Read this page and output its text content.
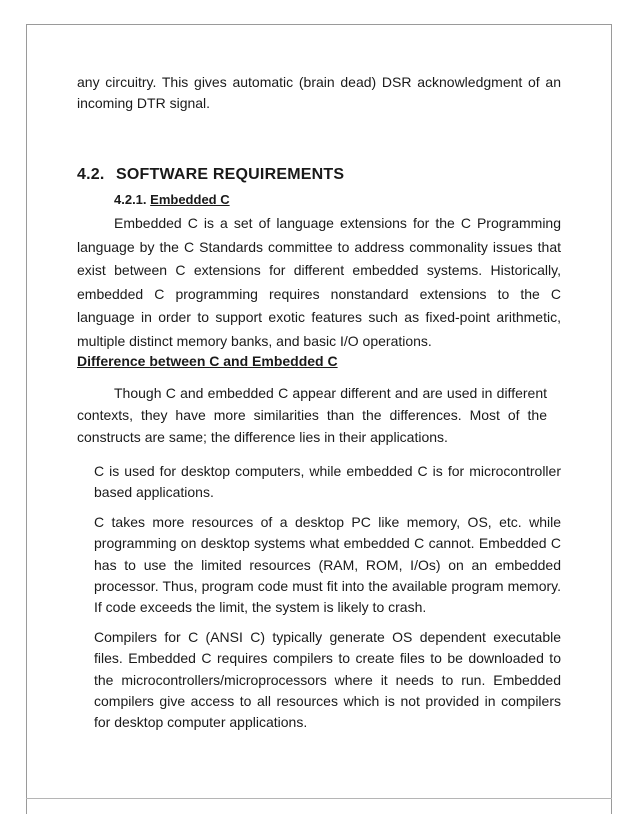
any circuitry. This gives automatic (brain dead) DSR acknowledgment of an incoming DTR signal.

4.2. SOFTWARE REQUIREMENTS
4.2.1. Embedded C

Embedded C is a set of language extensions for the C Programming language by the C Standards committee to address commonality issues that exist between C extensions for different embedded systems. Historically, embedded C programming requires nonstandard extensions to the C language in order to support exotic features such as fixed-point arithmetic, multiple distinct memory banks, and basic I/O operations.

Difference between C and Embedded C

Though C and embedded C appear different and are used in different contexts, they have more similarities than the differences. Most of the constructs are same; the difference lies in their applications.

C is used for desktop computers, while embedded C is for microcontroller based applications.

C takes more resources of a desktop PC like memory, OS, etc. while programming on desktop systems what embedded C cannot. Embedded C has to use the limited resources (RAM, ROM, I/Os) on an embedded processor. Thus, program code must fit into the available program memory. If code exceeds the limit, the system is likely to crash.

Compilers for C (ANSI C) typically generate OS dependent executable files. Embedded C requires compilers to create files to be downloaded to the microcontrollers/microprocessors where it needs to run. Embedded compilers give access to all resources which is not provided in compilers for desktop computer applications.
